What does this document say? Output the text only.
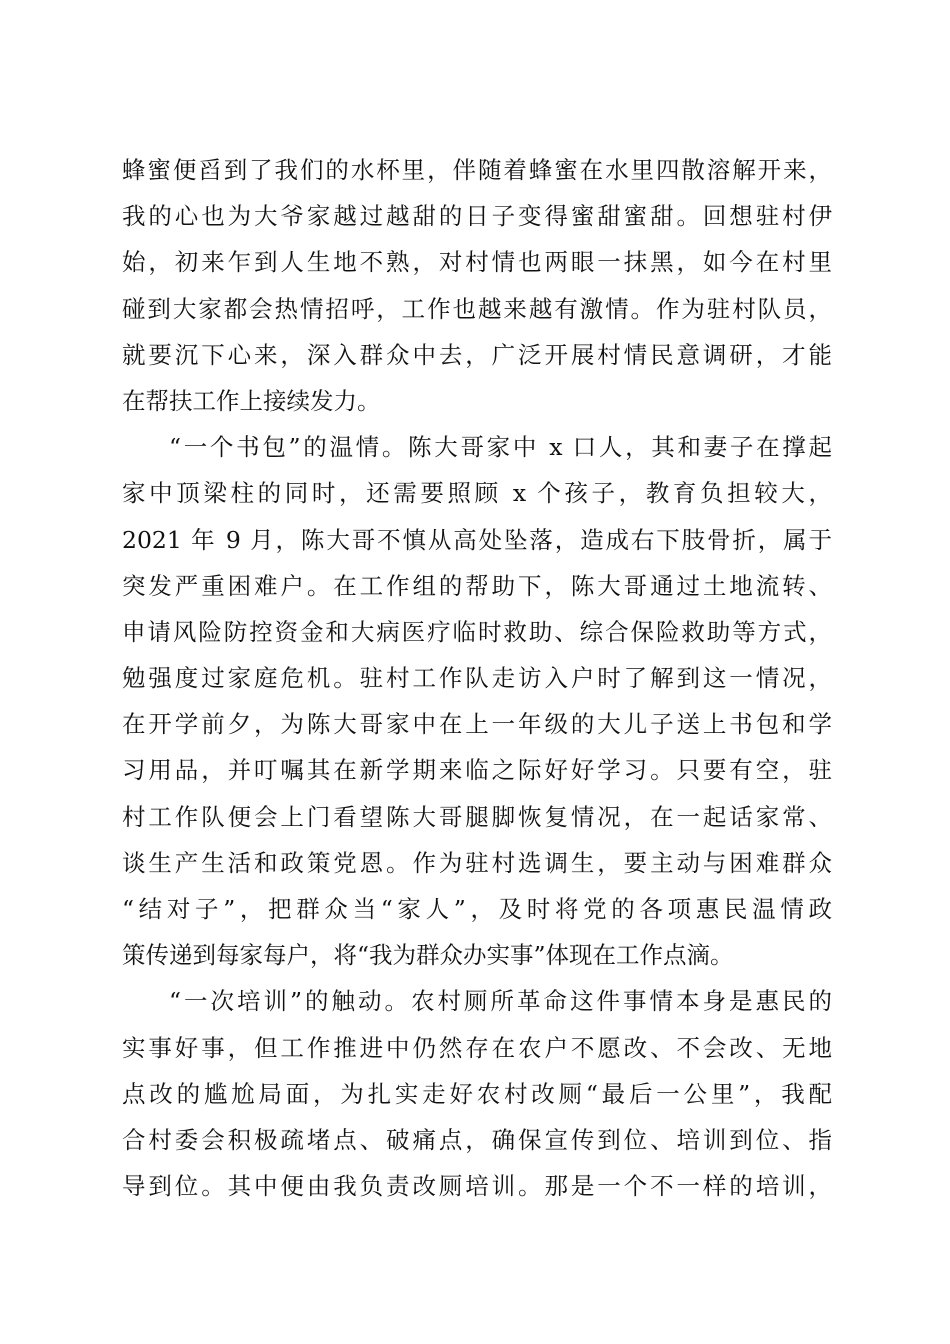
蜂蜜便舀到了我们的水杯里，伴随着蜂蜜在水里四散溶解开来，
我的心也为大爷家越过越甜的日子变得蜜甜蜜甜。回想驻村伊
始，初来乍到人生地不熟，对村情也两眼一抹黑，如今在村里
碰到大家都会热情招呼，工作也越来越有激情。作为驻村队员，
就要沉下心来，深入群众中去，广泛开展村情民意调研，才能
在帮扶工作上接续发力。
“一个书包”的温情。陈大哥家中 x 口人，其和妻子在撑起
家中顶梁柱的同时，还需要照顾 x 个孩子，教育负担较大，
2021 年 9 月，陈大哥不慎从高处坠落，造成右下肢骨折，属于
突发严重困难户。在工作组的帮助下，陈大哥通过土地流转、
申请风险防控资金和大病医疗临时救助、综合保险救助等方式，
勉强度过家庭危机。驻村工作队走访入户时了解到这一情况，
在开学前夕，为陈大哥家中在上一年级的大儿子送上书包和学
习用品，并叮嘱其在新学期来临之际好好学习。只要有空，驻
村工作队便会上门看望陈大哥腿脚恢复情况，在一起话家常、
谈生产生活和政策党恩。作为驻村选调生，要主动与困难群众
“结对子”，把群众当“家人”，及时将党的各项惠民温情政
策传递到每家每户，将“我为群众办实事”体现在工作点滴。
“一次培训”的触动。农村厕所革命这件事情本身是惠民的
实事好事，但工作推进中仍然存在农户不愿改、不会改、无地
点改的尴尬局面，为扎实走好农村改厕“最后一公里”，我配
合村委会积极疏堵点、破痛点，确保宣传到位、培训到位、指
导到位。其中便由我负责改厕培训。那是一个不一样的培训，
